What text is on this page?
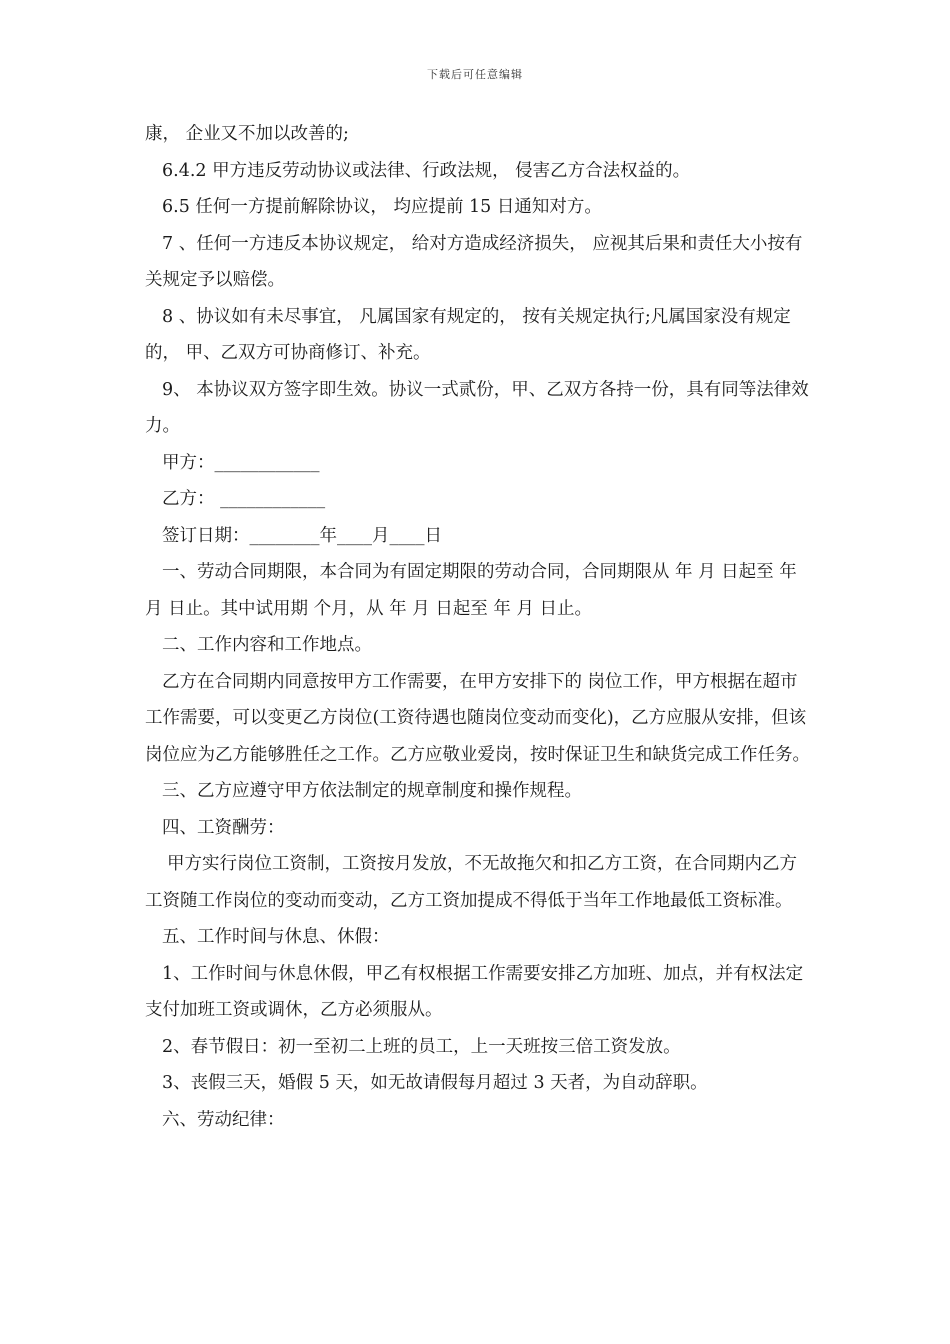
下载后可任意编辑

康， 企业又不加以改善的;

6.4.2 甲方违反劳动协议或法律、行政法规， 侵害乙方合法权益的。

6.5 任何一方提前解除协议， 均应提前 15 日通知对方。

7 、任何一方违反本协议规定， 给对方造成经济损失， 应视其后果和责任大小按有关规定予以赔偿。

8 、协议如有未尽事宜， 凡属国家有规定的， 按有关规定执行;凡属国家没有规定的， 甲、乙双方可协商修订、补充。

9、 本协议双方签字即生效。协议一式贰份，甲、乙双方各持一份，具有同等法律效力。

甲方：____________

乙方： ____________

签订日期：________年____月____日

一、劳动合同期限，本合同为有固定期限的劳动合同，合同期限从 年 月 日起至 年 月 日止。其中试用期 个月，从 年 月 日起至 年 月 日止。

二、工作内容和工作地点。

乙方在合同期内同意按甲方工作需要，在甲方安排下的 岗位工作，甲方根据在超市工作需要，可以变更乙方岗位(工资待遇也随岗位变动而变化)，乙方应服从安排，但该岗位应为乙方能够胜任之工作。乙方应敬业爱岗，按时保证卫生和缺货完成工作任务。

三、乙方应遵守甲方依法制定的规章制度和操作规程。

四、工资酬劳：

甲方实行岗位工资制，工资按月发放，不无故拖欠和扣乙方工资，在合同期内乙方工资随工作岗位的变动而变动，乙方工资加提成不得低于当年工作地最低工资标准。

五、工作时间与休息、休假：

1、工作时间与休息休假，甲乙有权根据工作需要安排乙方加班、加点，并有权法定支付加班工资或调休，乙方必须服从。

2、春节假日：初一至初二上班的员工，上一天班按三倍工资发放。

3、丧假三天，婚假 5 天，如无故请假每月超过 3 天者，为自动辞职。

六、劳动纪律：
